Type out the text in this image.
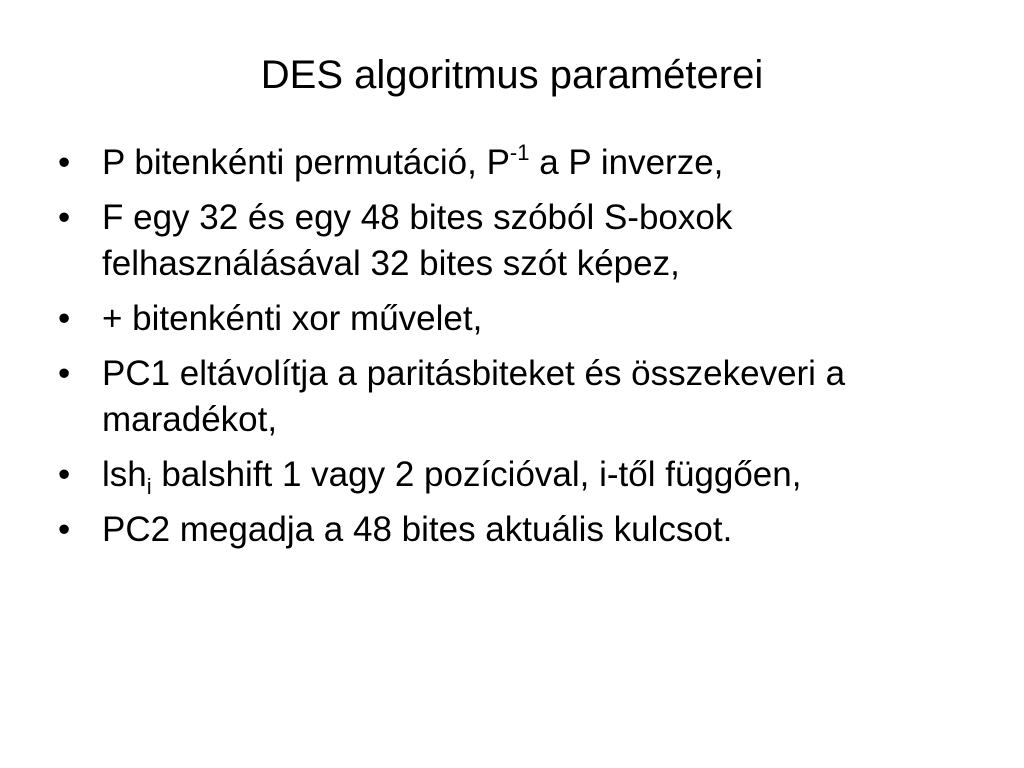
DES algoritmus paraméterei
• P bitenkénti permutáció, $P^{-1}$ a P inverze,
• F egy 32 és egy 48 bites szóból S-boxok felhasználásával 32 bites szót képez,
• + bitenkénti xor művelet,
• PC1 eltávolítja a paritásbiteket és összekeveri a maradékot,
• lsh$_i$ balshift 1 vagy 2 pozícióval, i-től függően,
• PC2 megadja a 48 bites aktuális kulcsot.
